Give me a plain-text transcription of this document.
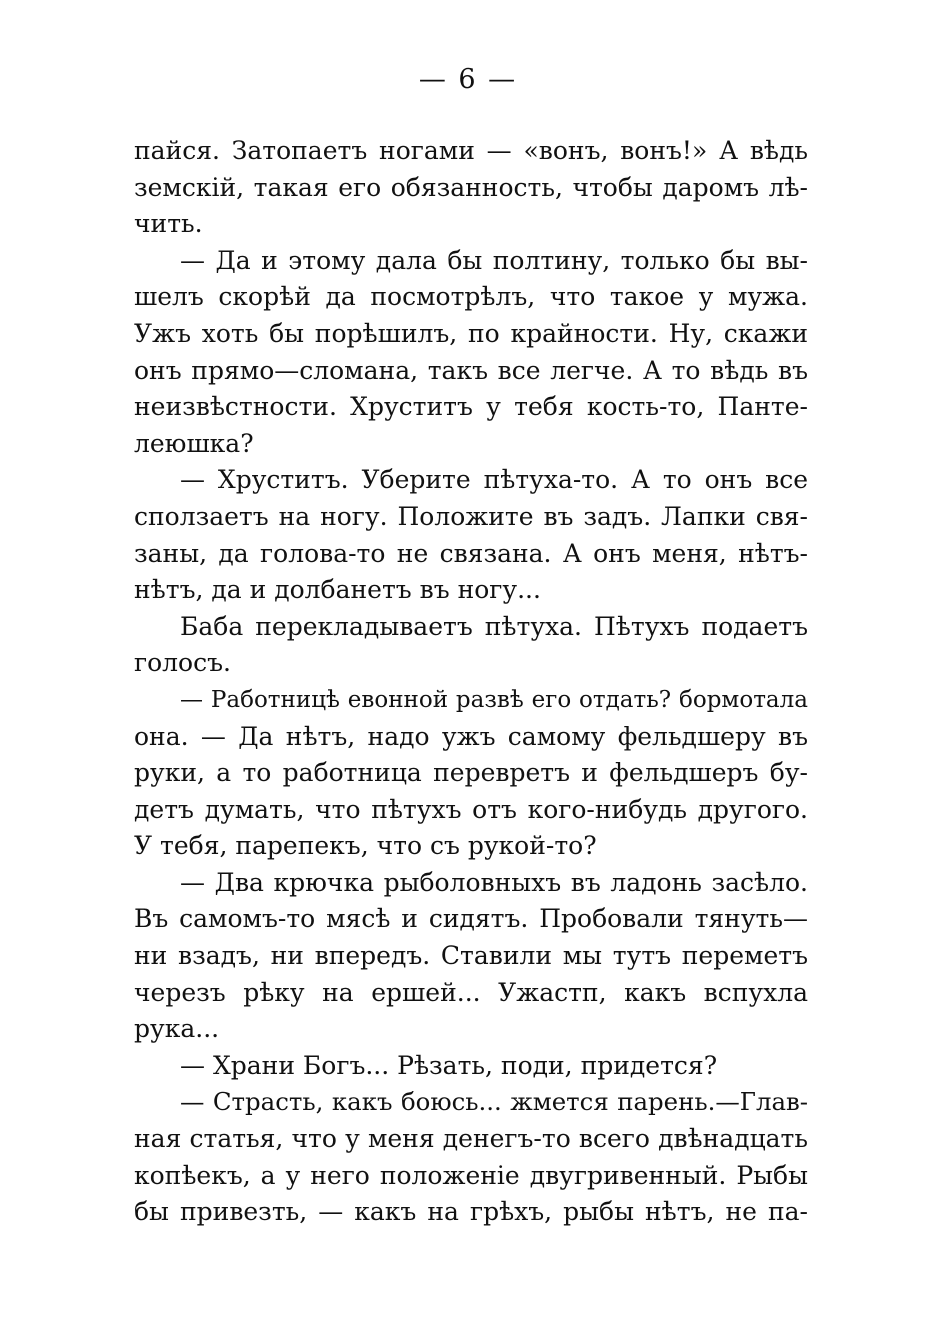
— 6 —
пайся. Затопаетъ ногами — «вонъ, вонъ!» А вѣдь
земскій, такая его обязанность, чтобы даромъ лѣ-
чить.
— Да и этому дала бы полтину, только бы вы-
шелъ скорѣй да посмотрѣлъ, что такое у мужа.
Ужъ хоть бы порѣшилъ, по крайности. Ну, скажи
онъ прямо—сломана, такъ все легче. А то вѣдь въ
неизвѣстности. Хруститъ у тебя кость-то, Панте-
леюшка?
— Хруститъ. Уберите пѣтуха-то. А то онъ все
сползаетъ на ногу. Положите въ задъ. Лапки свя-
заны, да голова-то не связана. А онъ меня, нѣтъ-
нѣтъ, да и долбанетъ въ ногу...
Баба перекладываетъ пѣтуха. Пѣтухъ подаетъ
голосъ.
— Работницѣ евонной развѣ его отдать? бормотала
она. — Да нѣтъ, надо ужъ самому фельдшеру въ
руки, а то работница переврeтъ и фельдшеръ бу-
детъ думать, что пѣтухъ отъ кого-нибудь другого.
У тебя, парепекъ, что съ рукой-то?
— Два крючка рыболовныхъ въ ладонь засѣло.
Въ самомъ-то мясѣ и сидятъ. Пробовали тянуть—
ни взадъ, ни впередъ. Ставили мы тутъ переметъ
черезъ рѣку на ершей... Ужастп, какъ вспухла
рука...
— Храни Богъ... Рѣзать, поди, придется?
— Страсть, какъ боюсь... жмется парень.—Глав-
ная статья, что у меня денегъ-то всего двѣнадцать
копѣекъ, а у него положеніе двугривенный. Рыбы
бы привезть, — какъ на грѣхъ, рыбы нѣтъ, не па-
